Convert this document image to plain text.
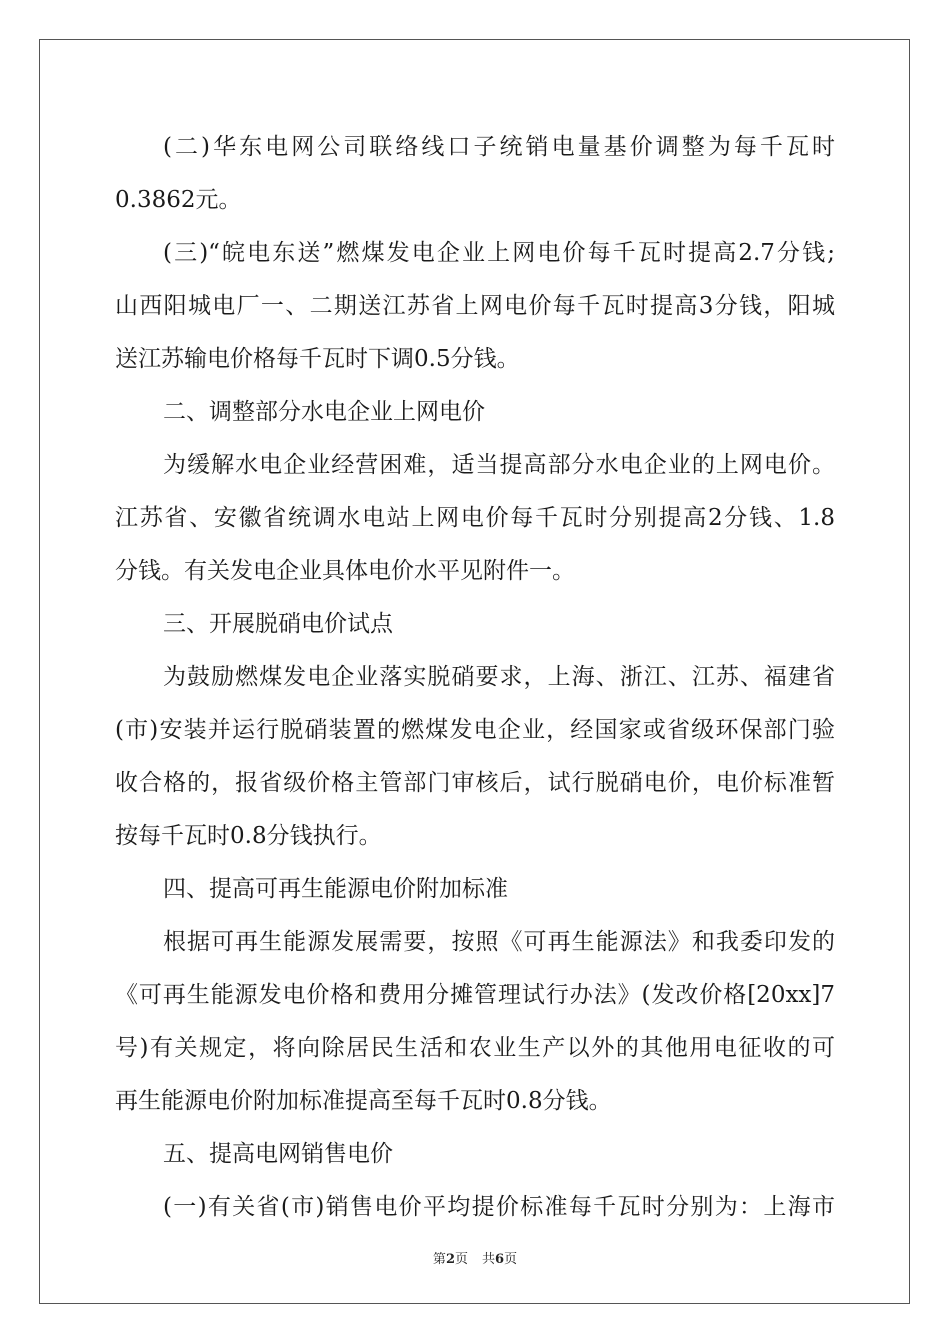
(二)华东电网公司联络线口子统销电量基价调整为每千瓦时
0.3862元。
(三)“皖电东送”燃煤发电企业上网电价每千瓦时提高2.7分钱;
山西阳城电厂一、二期送江苏省上网电价每千瓦时提高3分钱，阳城
送江苏输电价格每千瓦时下调0.5分钱。
二、调整部分水电企业上网电价
为缓解水电企业经营困难，适当提高部分水电企业的上网电价。
江苏省、安徽省统调水电站上网电价每千瓦时分别提高2分钱、1.8
分钱。有关发电企业具体电价水平见附件一。
三、开展脱硝电价试点
为鼓励燃煤发电企业落实脱硝要求，上海、浙江、江苏、福建省
(市)安装并运行脱硝装置的燃煤发电企业，经国家或省级环保部门验
收合格的，报省级价格主管部门审核后，试行脱硝电价，电价标准暂
按每千瓦时0.8分钱执行。
四、提高可再生能源电价附加标准
根据可再生能源发展需要，按照《可再生能源法》和我委印发的
《可再生能源发电价格和费用分摊管理试行办法》(发改价格[20xx]7
号)有关规定，将向除居民生活和农业生产以外的其他用电征收的可
再生能源电价附加标准提高至每千瓦时0.8分钱。
五、提高电网销售电价
(一)有关省(市)销售电价平均提价标准每千瓦时分别为：上海市
第2页 共6页
